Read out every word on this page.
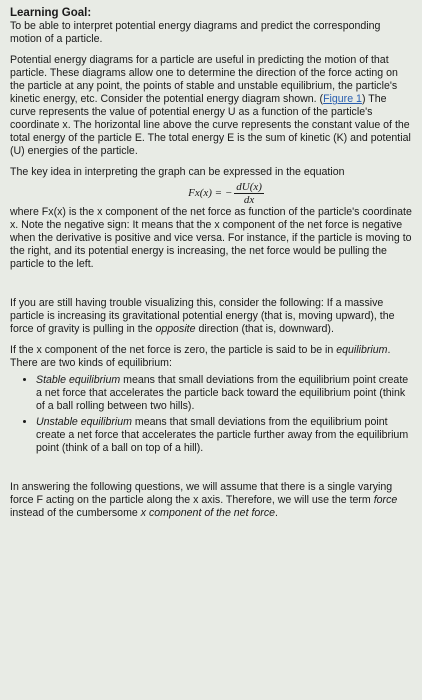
Learning Goal:
To be able to interpret potential energy diagrams and predict the corresponding motion of a particle.

Potential energy diagrams for a particle are useful in predicting the motion of that particle. These diagrams allow one to determine the direction of the force acting on the particle at any point, the points of stable and unstable equilibrium, the particle's kinetic energy, etc. Consider the potential energy diagram shown. (Figure 1) The curve represents the value of potential energy U as a function of the particle's coordinate x. The horizontal line above the curve represents the constant value of the total energy of the particle E. The total energy E is the sum of kinetic (K) and potential (U) energies of the particle.

The key idea in interpreting the graph can be expressed in the equation

Fx(x) = − $\frac{dU(x)}{dx}$

where Fx(x) is the x component of the net force as function of the particle's coordinate x. Note the negative sign: It means that the x component of the net force is negative when the derivative is positive and vice versa. For instance, if the particle is moving to the right, and its potential energy is increasing, the net force would be pulling the particle to the left.

If you are still having trouble visualizing this, consider the following: If a massive particle is increasing its gravitational potential energy (that is, moving upward), the force of gravity is pulling in the opposite direction (that is, downward).

If the x component of the net force is zero, the particle is said to be in equilibrium. There are two kinds of equilibrium:

• Stable equilibrium means that small deviations from the equilibrium point create a net force that accelerates the particle back toward the equilibrium point (think of a ball rolling between two hills).
• Unstable equilibrium means that small deviations from the equilibrium point create a net force that accelerates the particle further away from the equilibrium point (think of a ball on top of a hill).

In answering the following questions, we will assume that there is a single varying force F acting on the particle along the x axis. Therefore, we will use the term force instead of the cumbersome x component of the net force.
